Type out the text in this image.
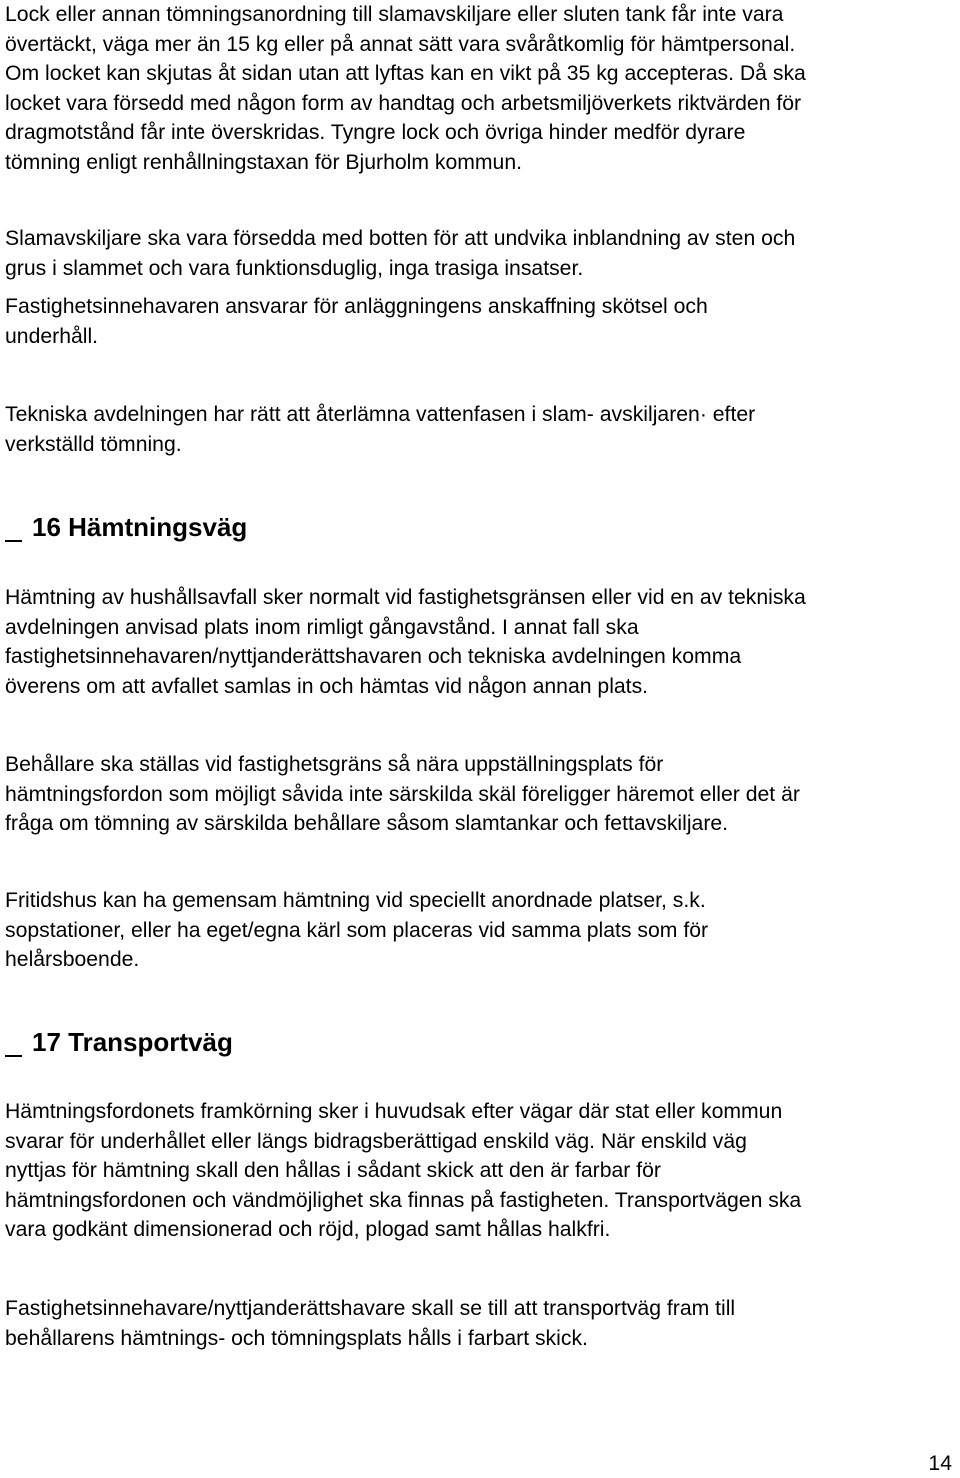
Lock eller annan tömningsanordning till slamavskiljare eller sluten tank får inte vara

övertäckt, väga mer än 15 kg eller på annat sätt vara svåråtkomlig för hämtpersonal.

Om locket kan skjutas åt sidan utan att lyftas kan en vikt på 35 kg accepteras. Då ska

locket vara försedd med någon form av handtag och arbetsmiljöverkets riktvärden för

dragmotstånd får inte överskridas. Tyngre lock och övriga hinder medför dyrare

tömning enligt renhållningstaxan för Bjurholm kommun.

Slamavskiljare ska vara försedda med botten för att undvika inblandning av sten och

grus i slammet och vara funktionsduglig, inga trasiga insatser.

Fastighetsinnehavaren ansvarar för anläggningens anskaffning skötsel och

underhåll.

Tekniska avdelningen har rätt att återlämna vattenfasen i slam- avskiljaren· efter

verkställd tömning.

16 Hämtningsväg

Hämtning av hushållsavfall sker normalt vid fastighetsgränsen eller vid en av tekniska

avdelningen anvisad plats inom rimligt gångavstånd. I annat fall ska

fastighetsinnehavaren/nyttjanderättshavaren och tekniska avdelningen komma

överens om att avfallet samlas in och hämtas vid någon annan plats.

Behållare ska ställas vid fastighetsgräns så nära uppställningsplats för

hämtningsfordon som möjligt såvida inte särskilda skäl föreligger häremot eller det är

fråga om tömning av särskilda behållare såsom slamtankar och fettavskiljare.

Fritidshus kan ha gemensam hämtning vid speciellt anordnade platser, s.k.

sopstationer, eller ha eget/egna kärl som placeras vid samma plats som för

helårsboende.

17 Transportväg

Hämtningsfordonets framkörning sker i huvudsak efter vägar där stat eller kommun

svarar för underhållet eller längs bidragsberättigad enskild väg. När enskild väg

nyttjas för hämtning skall den hållas i sådant skick att den är farbar för

hämtningsfordonen och vändmöjlighet ska finnas på fastigheten. Transportvägen ska

vara godkänt dimensionerad och röjd, plogad samt hållas halkfri.

Fastighetsinnehavare/nyttjanderättshavare skall se till att transportväg fram till

behållarens hämtnings- och tömningsplats hålls i farbart skick.

14
